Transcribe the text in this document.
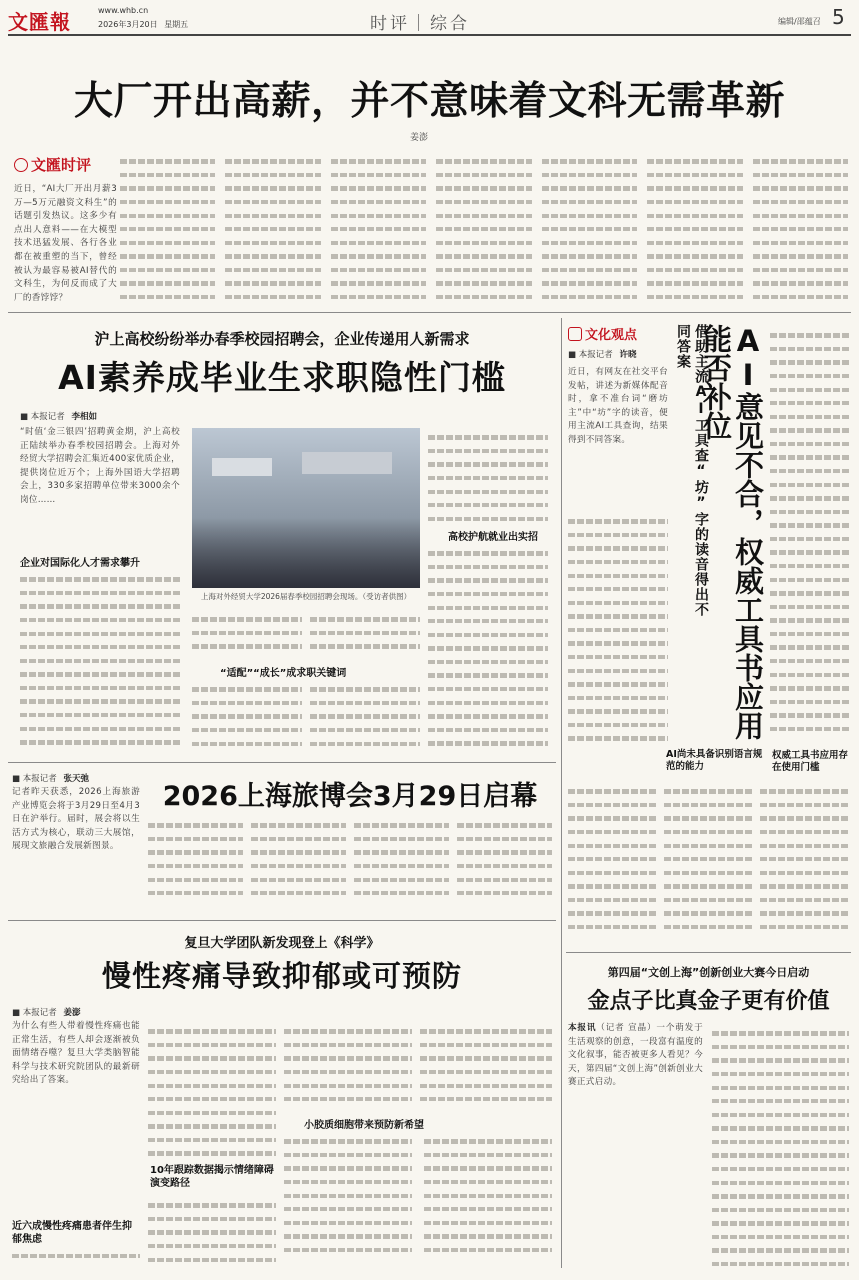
文匯報	www.whb.cn
2026年3月20日 星期五	时评｜综合	编辑/邵蕴召 5
大厂开出高薪，并不意味着文科无需革新
姜澎
文匯时评
近日，“AI大厂开出月薪3万—5万元融资文科生”的话题引发热议。这多少有点出人意料——在大模型技术迅猛发展、各行各业都在被重塑的当下，曾经被认为最容易被AI替代的文科生，为何反而成了大厂的香饽饽？
沪上高校纷纷举办春季校园招聘会，企业传递用人新需求
AI素养成毕业生求职隐性门槛
■ 本报记者 李相如
“时值‘金三银四’招聘黄金期，沪上高校正陆续举办春季校园招聘会。上海对外经贸大学招聘会汇集近400家优质企业，提供岗位近万个；上海外国语大学招聘会上，330多家招聘单位带来3000余个岗位……
企业对国际化人才需求攀升
上海对外经贸大学2026届春季校园招聘会现场。（受访者供图）
“适配”“成长”成求职关键词
高校护航就业出实招
■ 本报记者 张天弛
记者昨天获悉，2026上海旅游产业博览会将于3月29日至4月3日在沪举行。届时，展会将以生活方式为核心，联动三大展馆，展现文旅融合发展新图景。
2026上海旅博会3月29日启幕
复旦大学团队新发现登上《科学》
慢性疼痛导致抑郁或可预防
■ 本报记者 姜澎
为什么有些人带着慢性疼痛也能正常生活，有些人却会逐渐被负面情绪吞噬？复旦大学类脑智能科学与技术研究院团队的最新研究给出了答案。
近六成慢性疼痛患者伴生抑郁焦虑
10年跟踪数据揭示情绪障碍演变路径
小胶质细胞带来预防新希望
文化观点
■ 本报记者 许晓
近日，有网友在社交平台发帖，讲述为新媒体配音时，拿不准台词“磨坊主”中“坊”字的读音，便用主流AI工具查询，结果得到不同答案。	借助主流AI工具查“坊”字的读音得出不同答案	AI意见不合，权威工具书应用能否补位
权威工具书应用存在使用门槛
AI尚未具备识别语言规范的能力
第四届“文创上海”创新创业大赛今日启动
金点子比真金子更有价值
本报讯（记者 宣晶）一个萌发于生活观察的创意，一段富有温度的文化叙事，能否被更多人看见？今天，第四届“文创上海”创新创业大赛正式启动。
